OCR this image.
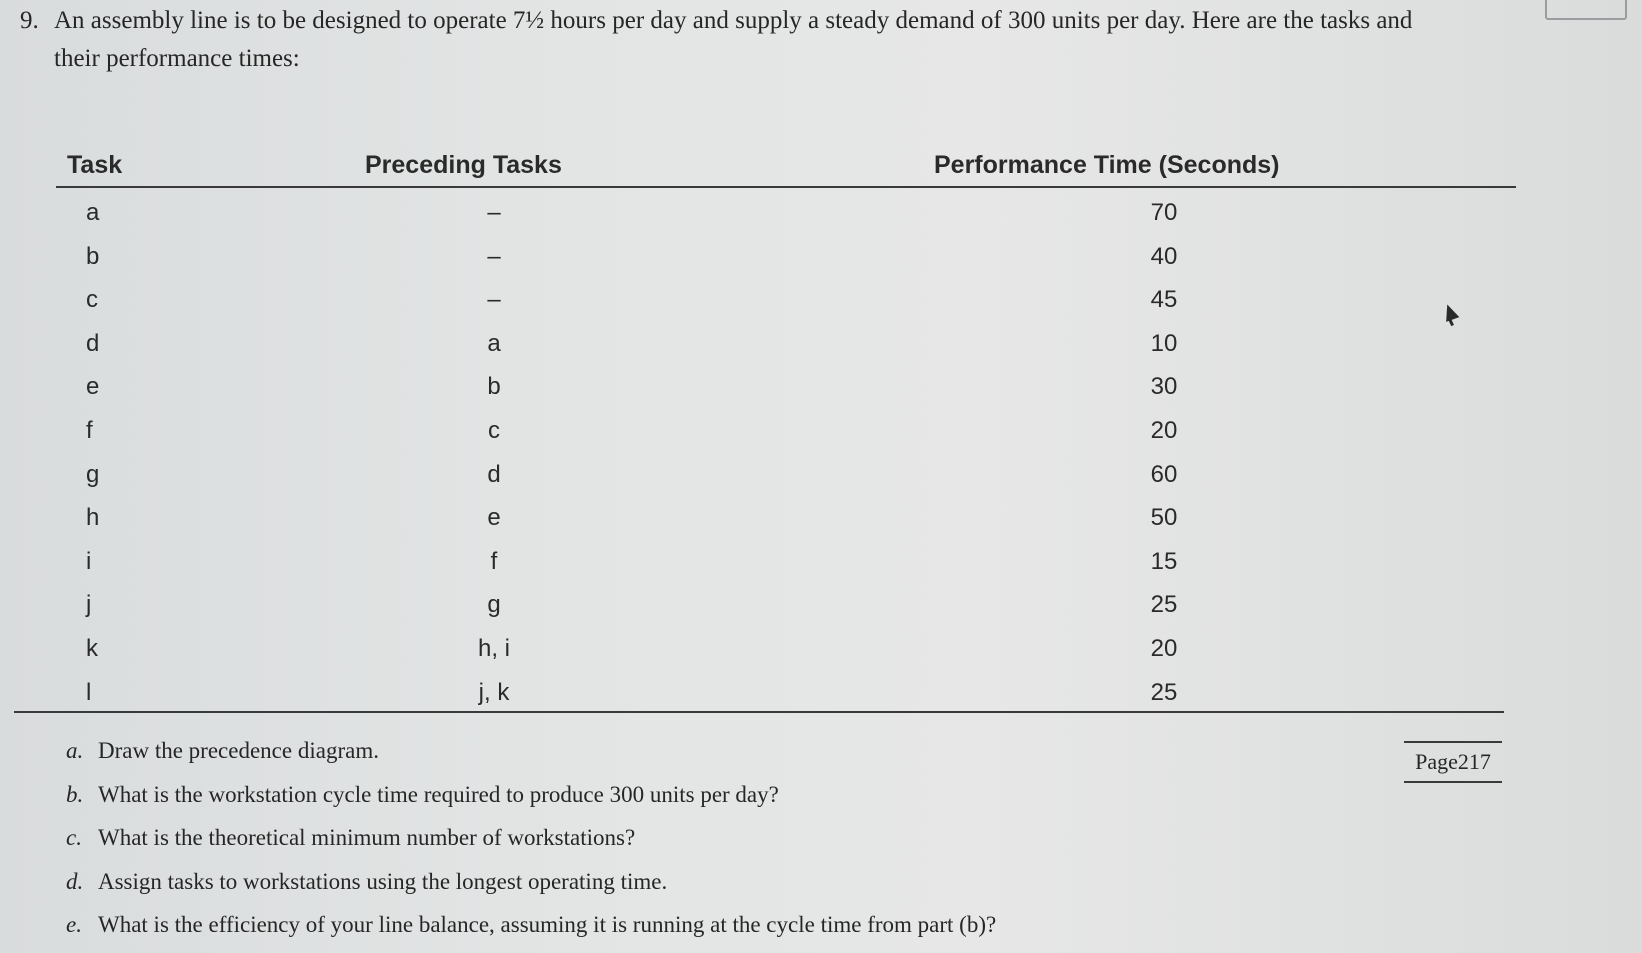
9. An assembly line is to be designed to operate 7½ hours per day and supply a steady demand of 300 units per day. Here are the tasks and
their performance times:
Task	Preceding Tasks	Performance Time (Seconds)
a	–	70
b	–	40
c	–	45
d	a	10
e	b	30
f	c	20
g	d	60
h	e	50
i	f	15
j	g	25
k	h, i	20
l	j, k	25
a. Draw the precedence diagram.
b. What is the workstation cycle time required to produce 300 units per day?
c. What is the theoretical minimum number of workstations?
d. Assign tasks to workstations using the longest operating time.
e. What is the efficiency of your line balance, assuming it is running at the cycle time from part (b)?
Page217
